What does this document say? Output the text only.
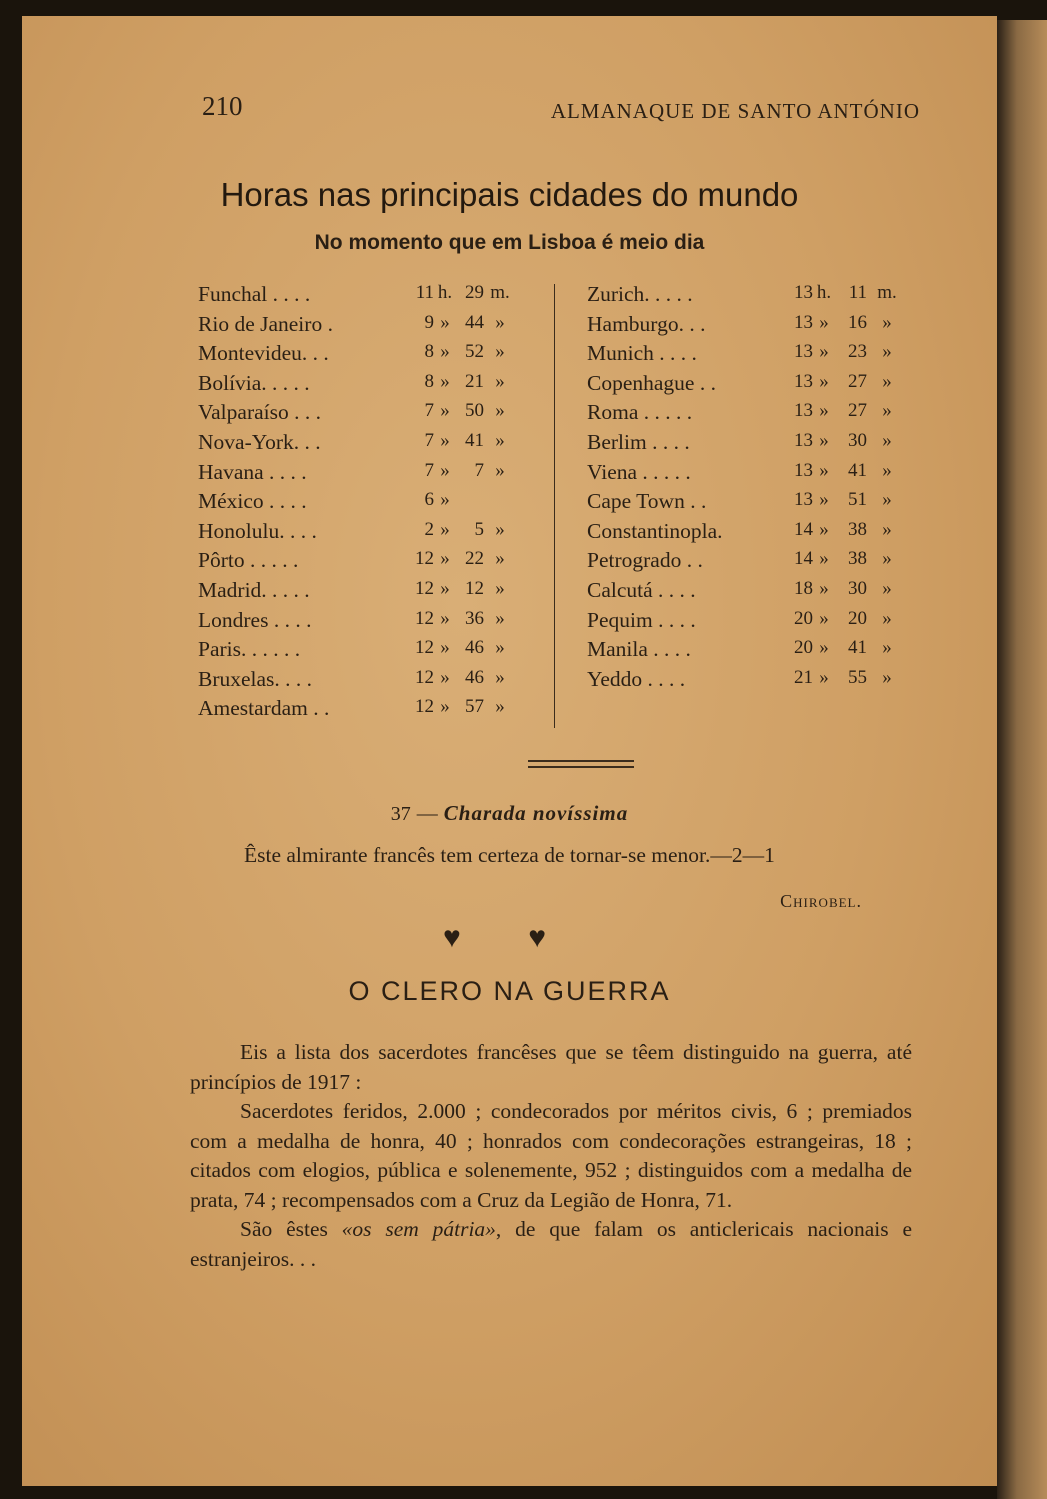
210	ALMANAQUE DE SANTO ANTÓNIO
Horas nas principais cidades do mundo
No momento que em Lisboa é meio dia
Funchal . . . .	11 h. 29 m.
Rio de Janeiro .	9 » 44 »
Montevideu. . .	8 » 52 »
Bolívia. . . . .	8 » 21 »
Valparaíso . . .	7 » 50 »
Nova-York. . .	7 » 41 »
Havana . . . .	7 »	7 »
México . . . .	6 »
Honolulu. . . .	2 »	5 »
Pôrto . . . . .	12 » 22 »
Madrid. . . . .	12 » 12 »
Londres . . . .	12 » 36 »
Paris. . . . . .	12 » 46 »
Bruxelas. . . .	12 » 46 »
Amestardam . .	12 » 57 »
Zurich. . . . .	13 h. 11 m.
Hamburgo. . .	13 »	16 »
Munich . . . .	13 »	23 »
Copenhague . .	13 »	27 »
Roma . . . . .	13 »	27 »
Berlim . . . .	13 »	30 »
Viena . . . . .	13 »	41 »
Cape Town . .	13 »	51 »
Constantinopla.	14 »	38 »
Petrogrado . .	14 »	38 »
Calcutá . . . .	18 »	30 »
Pequim . . . .	20 »	20 »
Manila . . . .	20 »	41 »
Yeddo . . . .	21 »	55 »
37 — Charada novíssima
Êste almirante francês tem certeza de tornar-se menor.—2—1
Chirobel.
♥ ♥
O CLERO NA GUERRA

Eis a lista dos sacerdotes francêses que se têem distinguido na guerra, até princípios de 1917 :

Sacerdotes feridos, 2.000 ; condecorados por méritos civis, 6 ; premiados com a medalha de honra, 40 ; honrados com condecorações estrangeiras, 18 ; citados com elogios, pública e solenemente, 952 ; distinguidos com a medalha de prata, 74 ; recompensados com a Cruz da Legião de Honra, 71.

São êstes «os sem pátria», de que falam os anticlericais nacionais e estranjeiros. . .
